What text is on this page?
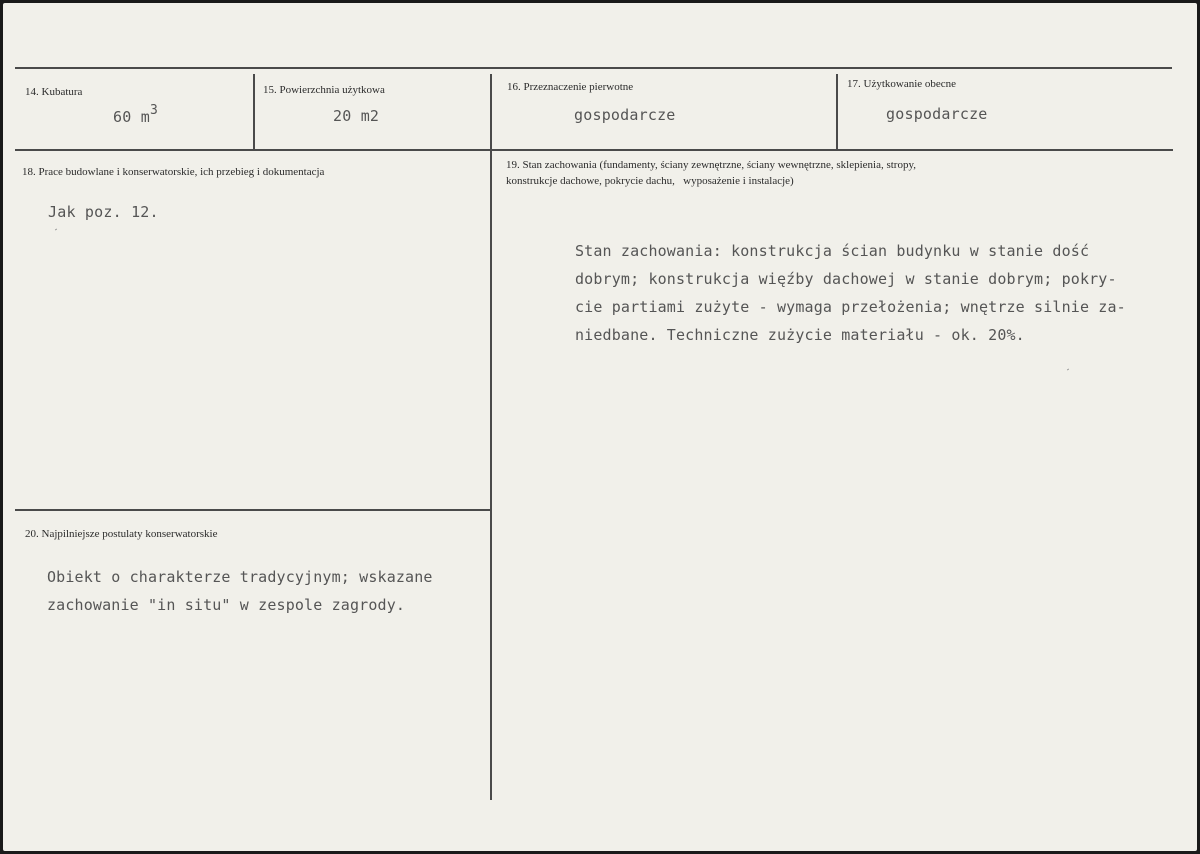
14. Kubatura
60 m3
15. Powierzchnia użytkowa
20 m2
16. Przeznaczenie pierwotne
gospodarcze
17. Użytkowanie obecne
gospodarcze
18. Prace budowlane i konserwatorskie, ich przebieg i dokumentacja
Jak poz. 12.
19. Stan zachowania (fundamenty, ściany zewnętrzne, ściany wewnętrzne, sklepienia, stropy,
konstrukcje dachowe, pokrycie dachu,   wyposażenie i instalacje)
Stan zachowania: konstrukcja ścian budynku w stanie dość
dobrym; konstrukcja więźby dachowej w stanie dobrym; pokry-
cie partiami zużyte - wymaga przełożenia; wnętrze silnie za-
niedbane. Techniczne zużycie materiału - ok. 20%.
20. Najpilniejsze postulaty konserwatorskie
Obiekt o charakterze tradycyjnym; wskazane
zachowanie "in situ" w zespole zagrody.
